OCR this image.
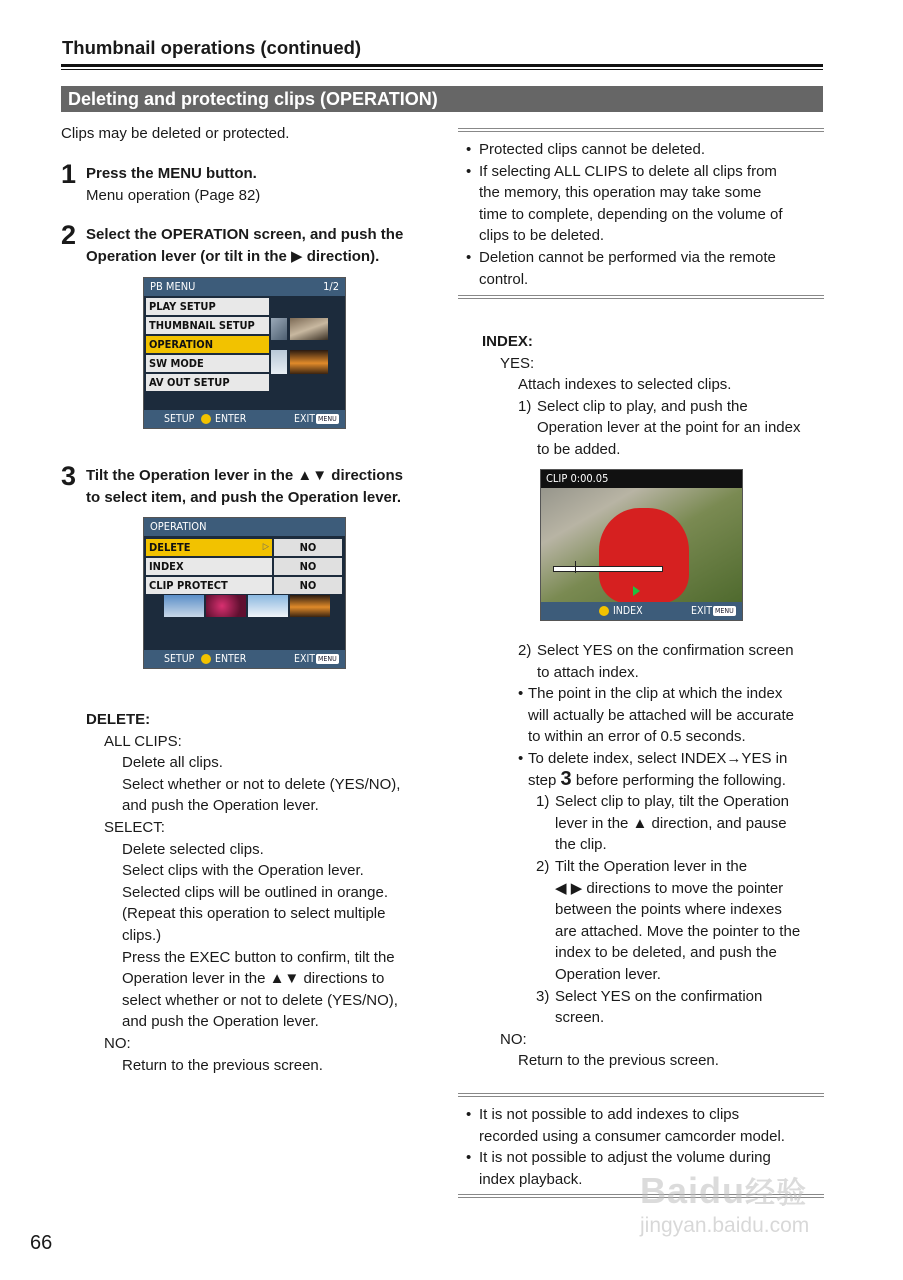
Thumbnail operations (continued)
Deleting and protecting clips (OPERATION)
Clips may be deleted or protected.
1 Press the MENU button.
Menu operation (Page 82)
2 Select the OPERATION screen, and push the
Operation lever (or tilt in the ▶ direction).
PB MENU	1/2
PLAY SETUP
THUMBNAIL SETUP
OPERATION
SW MODE
AV OUT SETUP
SETUP ENTER	EXIT MENU
3 Tilt the Operation lever in the ▲▼ directions
to select item, and push the Operation lever.
OPERATION
DELETE	▷	NO
INDEX	NO
CLIP PROTECT	NO
SETUP ENTER	EXIT MENU
DELETE:
ALL CLIPS:
Delete all clips.
Select whether or not to delete (YES/NO),
and push the Operation lever.
SELECT:
Delete selected clips.
Select clips with the Operation lever.
Selected clips will be outlined in orange.
(Repeat this operation to select multiple
clips.)
Press the EXEC button to confirm, tilt the
Operation lever in the ▲▼ directions to
select whether or not to delete (YES/NO),
and push the Operation lever.
NO:
Return to the previous screen.
• Protected clips cannot be deleted.
• If selecting ALL CLIPS to delete all clips from
the memory, this operation may take some
time to complete, depending on the volume of
clips to be deleted.
• Deletion cannot be performed via the remote
control.
INDEX:
YES:
Attach indexes to selected clips.
1) Select clip to play, and push the
Operation lever at the point for an index
to be added.
CLIP 0:00.05
INDEX	EXIT MENU
2) Select YES on the confirmation screen
to attach index.
• The point in the clip at which the index
will actually be attached will be accurate
to within an error of 0.5 seconds.
• To delete index, select INDEX→YES in
step 3 before performing the following.
1) Select clip to play, tilt the Operation
lever in the ▲ direction, and pause
the clip.
2) Tilt the Operation lever in the
◀ ▶ directions to move the pointer
between the points where indexes
are attached. Move the pointer to the
index to be deleted, and push the
Operation lever.
3) Select YES on the confirmation
screen.
NO:
Return to the previous screen.
• It is not possible to add indexes to clips
recorded using a consumer camcorder model.
• It is not possible to adjust the volume during
index playback.	Baidu经验
jingyan.baidu.com
66
